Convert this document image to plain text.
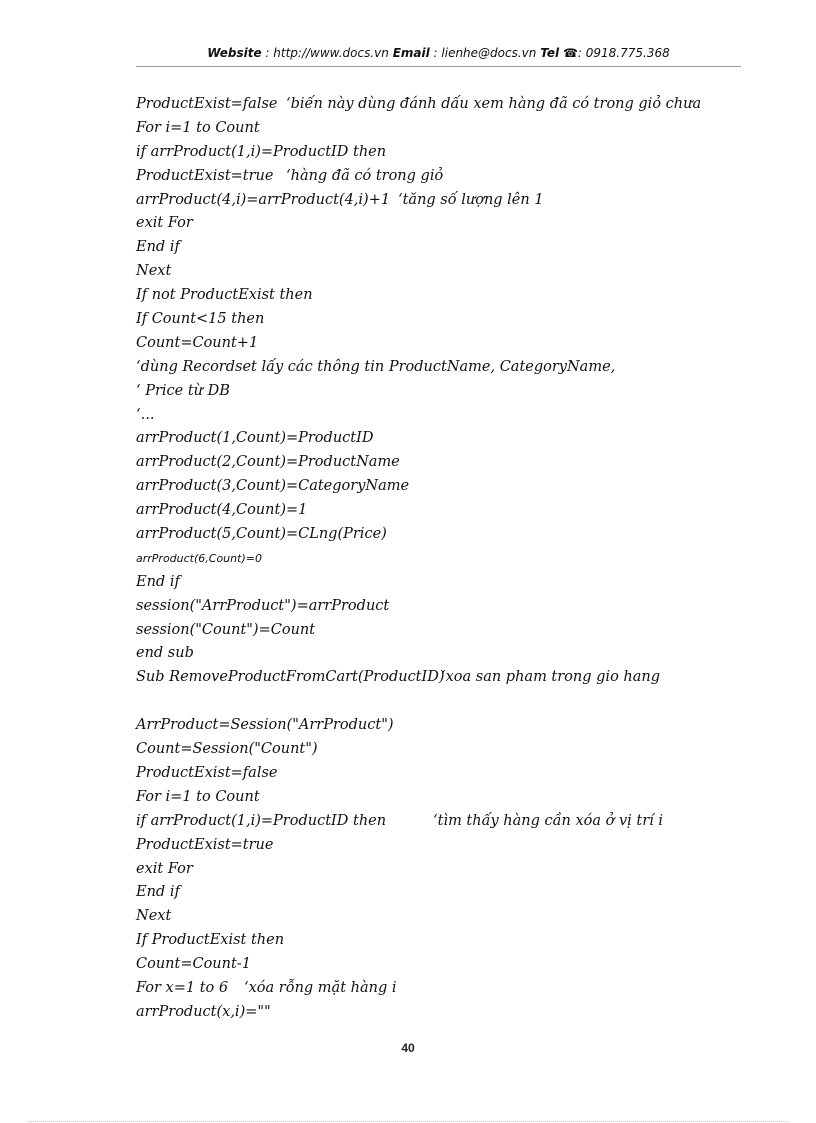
Website : http://www.docs.vn Email : lienhe@docs.vn Tel ☎: 0918.775.368
ProductExist=false ‘biến này dùng đánh dấu xem hàng đã có trong giỏ chưa
For i=1 to Count
if arrProduct(1,i)=ProductID then
ProductExist=true ‘hàng đã có trong giỏ
arrProduct(4,i)=arrProduct(4,i)+1 ‘tăng số lượng lên 1
exit For
End if
Next
If not ProductExist then
If Count<15 then
Count=Count+1
‘dùng Recordset lấy các thông tin ProductName, CategoryName,
‘ Price từ DB
‘...
arrProduct(1,Count)=ProductID
arrProduct(2,Count)=ProductName
arrProduct(3,Count)=CategoryName
arrProduct(4,Count)=1
arrProduct(5,Count)=CLng(Price)
arrProduct(6,Count)=0
End if
session("ArrProduct")=arrProduct
session("Count")=Count
end sub
Sub RemoveProductFromCart(ProductID)
‘xoa san pham trong gio hang
ArrProduct=Session("ArrProduct")
Count=Session("Count")
ProductExist=false
For i=1 to Count
if arrProduct(1,i)=ProductID then	‘tìm thấy hàng cần xóa ở vị trí i
ProductExist=true
exit For
End if
Next
If ProductExist then
Count=Count-1
For x=1 to 6 ‘xóa rỗng mặt hàng i
arrProduct(x,i)=""
40
